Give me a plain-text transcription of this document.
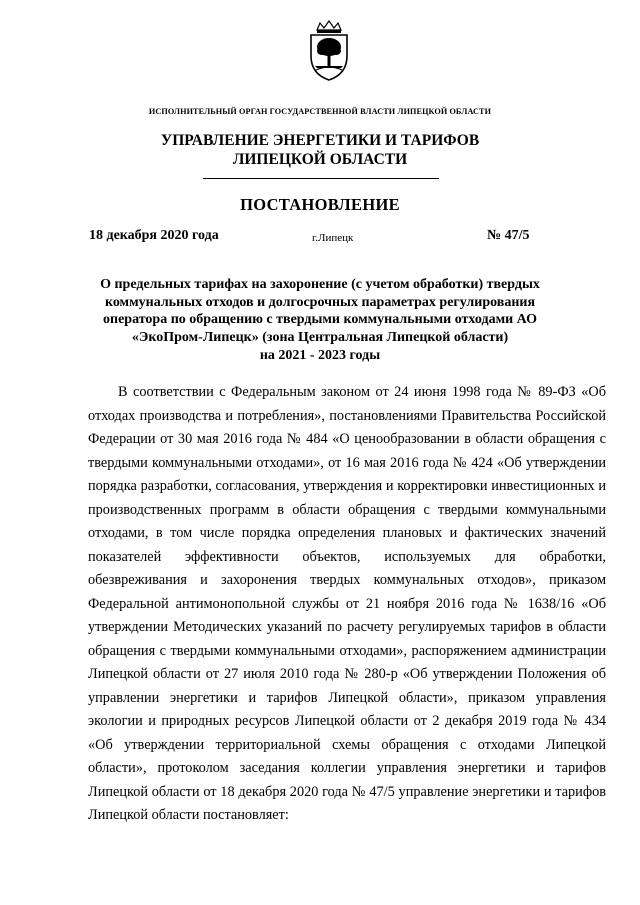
ИСПОЛНИТЕЛЬНЫЙ ОРГАН ГОСУДАРСТВЕННОЙ ВЛАСТИ ЛИПЕЦКОЙ ОБЛАСТИ
УПРАВЛЕНИЕ ЭНЕРГЕТИКИ И ТАРИФОВ
ЛИПЕЦКОЙ ОБЛАСТИ
ПОСТАНОВЛЕНИЕ
18 декабря 2020 года	г.Липецк	№ 47/5
О предельных тарифах на захоронение (с учетом обработки) твердых
коммунальных отходов и долгосрочных параметрах регулирования
оператора по обращению с твердыми коммунальными отходами АО
«ЭкоПром-Липецк» (зона Центральная Липецкой области)
на 2021 - 2023 годы
В соответствии с Федеральным законом от 24 июня 1998 года № 89-ФЗ «Об отходах производства и потребления», постановлениями Правительства Российской Федерации от 30 мая 2016 года № 484 «О ценообразовании в области обращения с твердыми коммунальными отходами», от 16 мая 2016 года № 424 «Об утверждении порядка разработки, согласования, утверждения и корректировки инвестиционных и производственных программ в области обращения с твердыми коммунальными отходами, в том числе порядка определения плановых и фактических значений показателей эффективности объектов, используемых для обработки, обезвреживания и захоронения твердых коммунальных отходов», приказом Федеральной антимонопольной службы от 21 ноября 2016 года № 1638/16 «Об утверждении Методических указаний по расчету регулируемых тарифов в области обращения с твердыми коммунальными отходами», распоряжением администрации Липецкой области от 27 июля 2010 года № 280-р «Об утверждении Положения об управлении энергетики и тарифов Липецкой области», приказом управления экологии и природных ресурсов Липецкой области от 2 декабря 2019 года № 434 «Об утверждении территориальной схемы обращения с отходами Липецкой области», протоколом заседания коллегии управления энергетики и тарифов Липецкой области от 18 декабря 2020 года № 47/5 управление энергетики и тарифов Липецкой области постановляет:
